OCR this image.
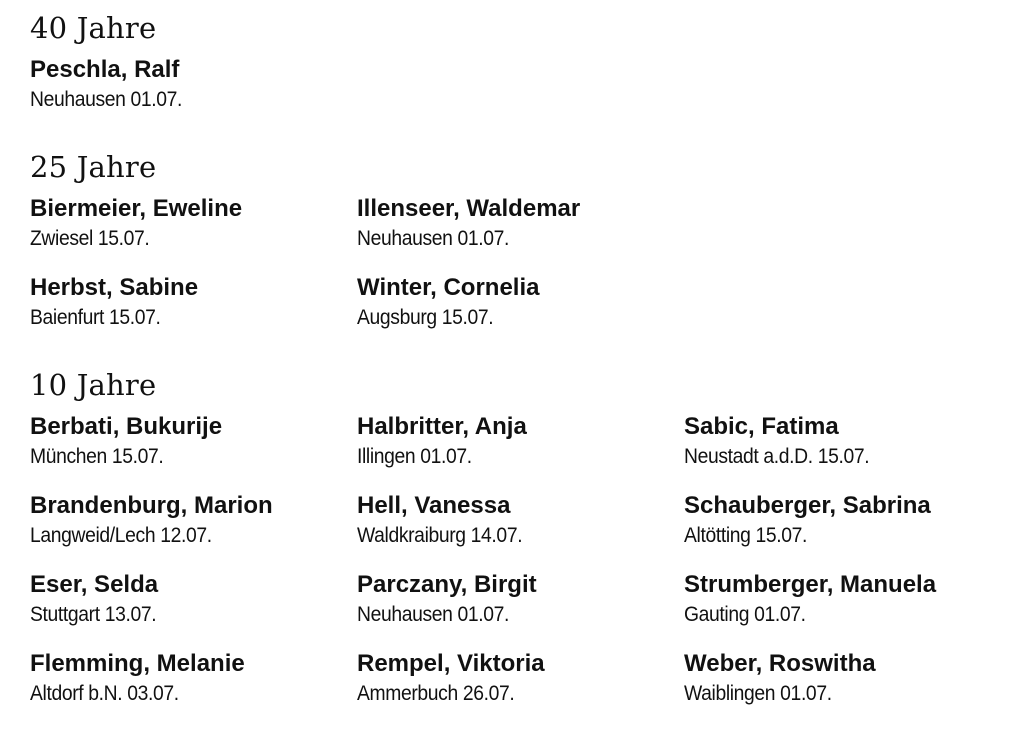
40 Jahre
Peschla, Ralf
Neuhausen 01.07.
25 Jahre
Biermeier, Eweline
Zwiesel 15.07.
Herbst, Sabine
Baienfurt 15.07.
Illenseer, Waldemar
Neuhausen 01.07.
Winter, Cornelia
Augsburg 15.07.
10 Jahre
Berbati, Bukurije
München 15.07.
Brandenburg, Marion
Langweid/Lech 12.07.
Eser, Selda
Stuttgart 13.07.
Flemming, Melanie
Altdorf b.N. 03.07.
Halbritter, Anja
Illingen 01.07.
Hell, Vanessa
Waldkraiburg 14.07.
Parczany, Birgit
Neuhausen 01.07.
Rempel, Viktoria
Ammerbuch 26.07.
Sabic, Fatima
Neustadt a.d.D. 15.07.
Schauberger, Sabrina
Altötting 15.07.
Strumberger, Manuela
Gauting 01.07.
Weber, Roswitha
Waiblingen 01.07.
